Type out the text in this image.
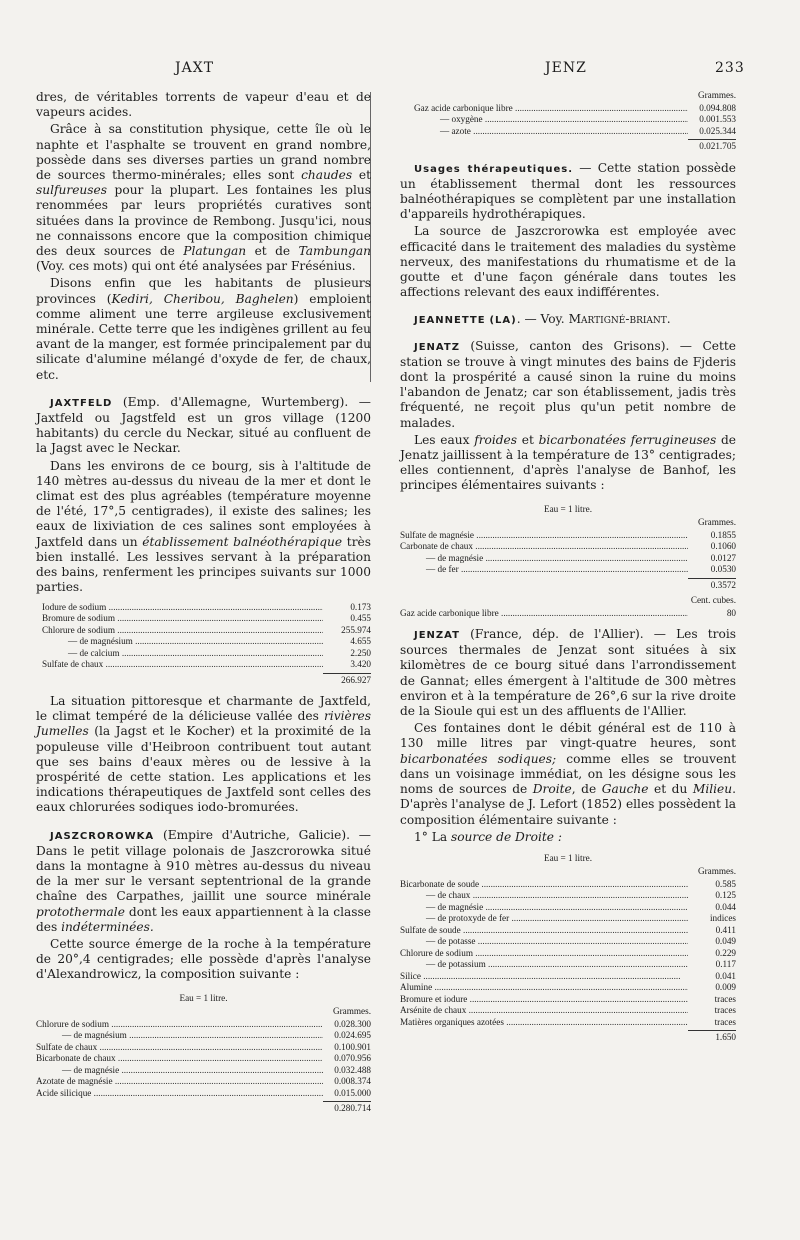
JAXT	JENZ	233

dres, de véritables torrents de vapeur d'eau et de vapeurs acides.

Grâce à sa constitution physique, cette île où le naphte et l'asphalte se trouvent en grand nombre, possède dans ses diverses parties un grand nombre de sources thermo-minérales; elles sont chaudes et sulfureuses pour la plupart. Les fontaines les plus renommées par leurs propriétés curatives sont situées dans la province de Rembong. Jusqu'ici, nous ne connaissons encore que la composition chimique des deux sources de Platungan et de Tambungan (Voy. ces mots) qui ont été analysées par Frésénius.

Disons enfin que les habitants de plusieurs provinces (Kediri, Cheribou, Baghelen) emploient comme aliment une terre argileuse exclusivement minérale. Cette terre que les indigènes grillent au feu avant de la manger, est formée principalement par du silicate d'alumine mélangé d'oxyde de fer, de chaux, etc.

JAXTFELD (Emp. d'Allemagne, Wurtemberg). — Jaxtfeld ou Jagstfeld est un gros village (1200 habitants) du cercle du Neckar, situé au confluent de la Jagst avec le Neckar.

Dans les environs de ce bourg, sis à l'altitude de 140 mètres au-dessus du niveau de la mer et dont le climat est des plus agréables (température moyenne de l'été, 17°,5 centigrades), il existe des salines; les eaux de lixiviation de ces salines sont employées à Jaxtfeld dans un établissement balnéothérapique très bien installé. Les lessives servant à la préparation des bains, renferment les principes suivants sur 1000 parties.

Iodure de sodium .....	0.173
Bromure de sodium .....	0.455
Chlorure de sodium .....	255.974
— de magnésium .....	4.655
— de calcium .....	2.250
Sulfate de chaux .....	3.420
266.927

La situation pittoresque et charmante de Jaxtfeld, le climat tempéré de la délicieuse vallée des rivières Jumelles (la Jagst et le Kocher) et la proximité de la populeuse ville d'Heibroon contribuent tout autant que ses bains d'eaux mères ou de lessive à la prospérité de cette station. Les applications et les indications thérapeutiques de Jaxtfeld sont celles des eaux chlorurées sodiques iodo-bromurées.

JASZCROROWKA (Empire d'Autriche, Galicie). — Dans le petit village polonais de Jaszcrorowka situé dans la montagne à 910 mètres au-dessus du niveau de la mer sur le versant septentrional de la grande chaîne des Carpathes, jaillit une source minérale protothermale dont les eaux appartiennent à la classe des indéterminées.

Cette source émerge de la roche à la température de 20°,4 centigrades; elle possède d'après l'analyse d'Alexandrowicz, la composition suivante :

Eau = 1 litre.
Grammes.
Chlorure de sodium .....	0.028.300
— de magnésium .....	0.024.695
Sulfate de chaux .....	0.100.901
Bicarbonate de chaux .....	0.070.956
— de magnésie .....	0.032.488
Azotate de magnésie .....	0.008.374
Acide silicique .....	0.015.000
0.280.714
Grammes.
Gaz acide carbonique libre .....	0.094.808
— oxygène .....	0.001.553
— azote .....	0.025.344
0.021.705

Usages thérapeutiques. — Cette station possède un établissement thermal dont les ressources balnéothérapiques se complètent par une installation d'appareils hydrothérapiques.

La source de Jaszcrorowka est employée avec efficacité dans le traitement des maladies du système nerveux, des manifestations du rhumatisme et de la goutte et d'une façon générale dans toutes les affections relevant des eaux indifférentes.

JEANNETTE (LA). — Voy. Martigné-briant.

JENATZ (Suisse, canton des Grisons). — Cette station se trouve à vingt minutes des bains de Fjderis dont la prospérité a causé sinon la ruine du moins l'abandon de Jenatz; car son établissement, jadis très fréquenté, ne reçoit plus qu'un petit nombre de malades.

Les eaux froides et bicarbonatées ferrugineuses de Jenatz jaillissent à la température de 13° centigrades; elles contiennent, d'après l'analyse de Banhof, les principes élémentaires suivants :

Eau = 1 litre.
Grammes.
Sulfate de magnésie .....	0.1855
Carbonate de chaux .....	0.1060
— de magnésie .....	0.0127
— de fer .....	0.0530
0.3572
Cent. cubes.
Gaz acide carbonique libre .....	80

JENZAT (France, dép. de l'Allier). — Les trois sources thermales de Jenzat sont situées à six kilomètres de ce bourg situé dans l'arrondissement de Gannat; elles émergent à l'altitude de 300 mètres environ et à la température de 26°,6 sur la rive droite de la Sioule qui est un des affluents de l'Allier.

Ces fontaines dont le débit général est de 110 à 130 mille litres par vingt-quatre heures, sont bicarbonatées sodiques; comme elles se trouvent dans un voisinage immédiat, on les désigne sous les noms de sources de Droite, de Gauche et du Milieu. D'après l'analyse de J. Lefort (1852) elles possèdent la composition élémentaire suivante :

1° La source de Droite :

Eau = 1 litre.
Grammes.
Bicarbonate de soude .....	0.585
— de chaux .....	0.125
— de magnésie .....	0.044
— de protoxyde de fer .....	indices
Sulfate de soude .....	0.411
— de potasse .....	0.049
Chlorure de sodium .....	0.229
— de potassium .....	0.117
Silice .....	0.041
Alumine .....	0.009
Bromure et iodure .....	traces
Arsénite de chaux .....	traces
Matières organiques azotées .....	traces
1.650
